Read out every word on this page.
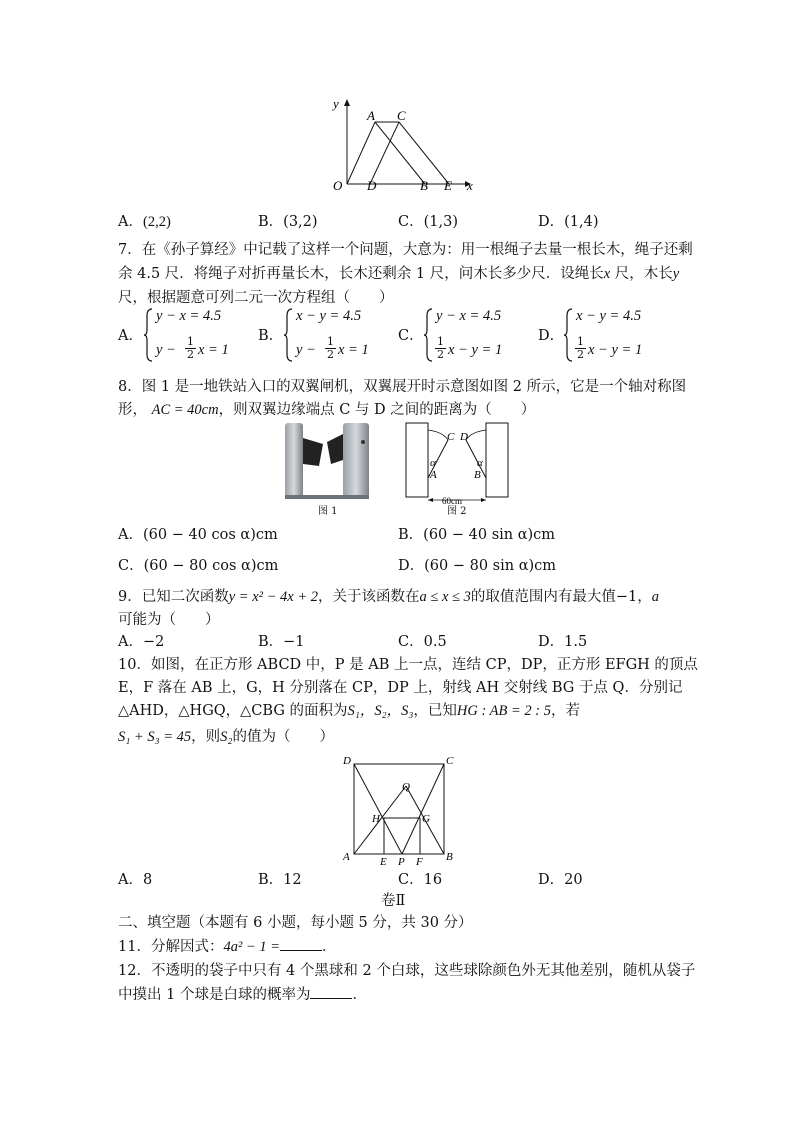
y
A C
O D	B E x
A．(2,2)	B．(3,2)	C．(1,3)	D．(1,4)
7．在《孙子算经》中记载了这样一个问题，大意为：用一根绳子去量一根长木，绳子还剩
余 4.5 尺．将绳子对折再量长木，长木还剩余 1 尺，问木长多少尺．设绳长x 尺，木长y
尺，根据题意可列二元一次方程组（　　）
A．
y − x = 4.5
$y - \frac{1}{2}$ x = 1
B．
x − y = 4.5
$y - \frac{1}{2}$ x = 1
C．
y − x = 4.5
$\frac{1}{2}$ x − y = 1
D．
x − y = 4.5
$\frac{1}{2}$ x − y = 1
8．图 1 是一地铁站入口的双翼闸机，双翼展开时示意图如图 2 所示，它是一个轴对称图
形， AC = 40cm，则双翼边缘端点 C 与 D 之间的距离为（　　）
图 1
C D
α	α
A	B
60cm
图 2
A．(60 − 40 cos α)cm	B．(60 − 40 sin α)cm
C．(60 − 80 cos α)cm	D．(60 − 80 sin α)cm
9．已知二次函数y = x² − 4x + 2，关于该函数在a ≤ x ≤ 3的取值范围内有最大值−1，a
可能为（　　）
A．−2	B．−1	C．0.5	D．1.5
10．如图，在正方形 ABCD 中，P 是 AB 上一点，连结 CP，DP，正方形 EFGH 的顶点
E，F 落在 AB 上，G，H 分别落在 CP，DP 上，射线 AH 交射线 BG 于点 Q．分别记
△AHD，△HGQ，△CBG 的面积为S₁，S₂，S₃，已知HG : AB = 2 : 5，若
S₁ + S₃ = 45，则S₂的值为（　　）
D	C
Q
H	G
A	E P F B
A．8	B．12	C．16	D．20
卷Ⅱ
二、填空题（本题有 6 小题，每小题 5 分，共 30 分）
11．分解因式：4a² − 1 =	．
12．不透明的袋子中只有 4 个黑球和 2 个白球，这些球除颜色外无其他差别，随机从袋子
中摸出 1 个球是白球的概率为	．
